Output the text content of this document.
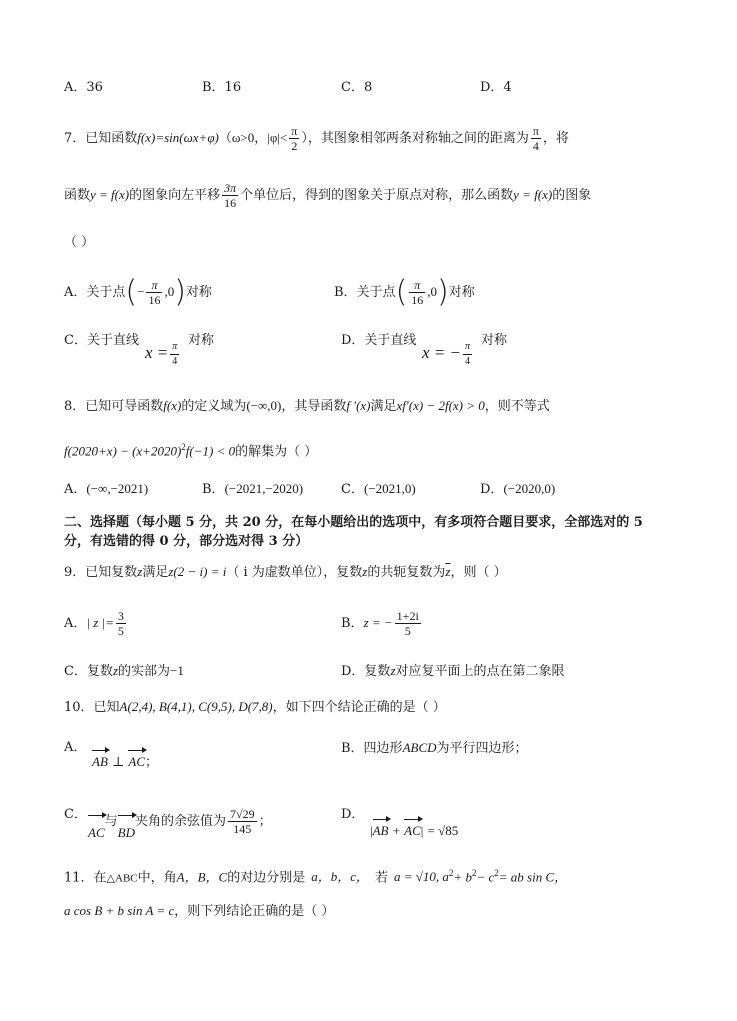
A．36	B．16	C．8	D．4
7．已知函数f(x)=sin(ωx+φ)（ω>0，$|\varphi|< \frac{\pi}{2}$ ），其图象相邻两条对称轴之间的距离为 $\frac{\pi}{4}$ ，将
函数y = f(x)的图象向左平移 $\frac{3\pi}{16}$ 个单位后，得到的图象关于原点对称，那么函数y = f(x)的图象
（ ）
A．关于点(− $\frac{\pi}{16} ,0$)对称	B．关于点( $\frac{\pi}{16} ,0$)对称
C．关于直线
$x = \frac{\pi}{4}$ 对称	D．关于直线
x = − $\frac{\pi}{4}$ 对称
8．已知可导函数f(x)的定义域为(−∞,0)，其导函数f ′(x)满足xf′(x) − 2f(x) > 0，则不等式
$f(2020+x) - (x+2020)^2f(-1) < 0$的解集为（ ）
A．(−∞,−2021)	B．(−2021,−2020)	C．(−2021,0)	D．(−2020,0)
二、选择题（每小题 5 分，共 20 分，在每小题给出的选项中，有多项符合题目要求，全部选对的 5
分，有选错的得 0 分，部分选对得 3 分）
9．已知复数z满足z(2 − i) = i（ i 为虚数单位），复数z的共轭复数为$\overline{z}$，则（ ）
A．| z |= $\frac{3}{5}$	B．z = − $\frac{1+2i}{5}$
C．复数z的实部为−1	D．复数z对应复平面上的点在第二象限
10．已知A(2,4), B(4,1), C(9,5), D(7,8)，如下四个结论正确的是（ ）
A．
AB ⊥ AC；
B．四边形ABCD为平行四边形；
C．
AC与BD夹角的余弦值为 $\frac{7√29}{145}$ ；	D．
|AB + AC| = √85
11．在△ABC中，角A，B，C的对边分别是 a，b，c， 若 a = √10, $a^2+ b^2- c^2=$ ab sin C，
a cos B + b sin A = c，则下列结论正确的是（ ）
